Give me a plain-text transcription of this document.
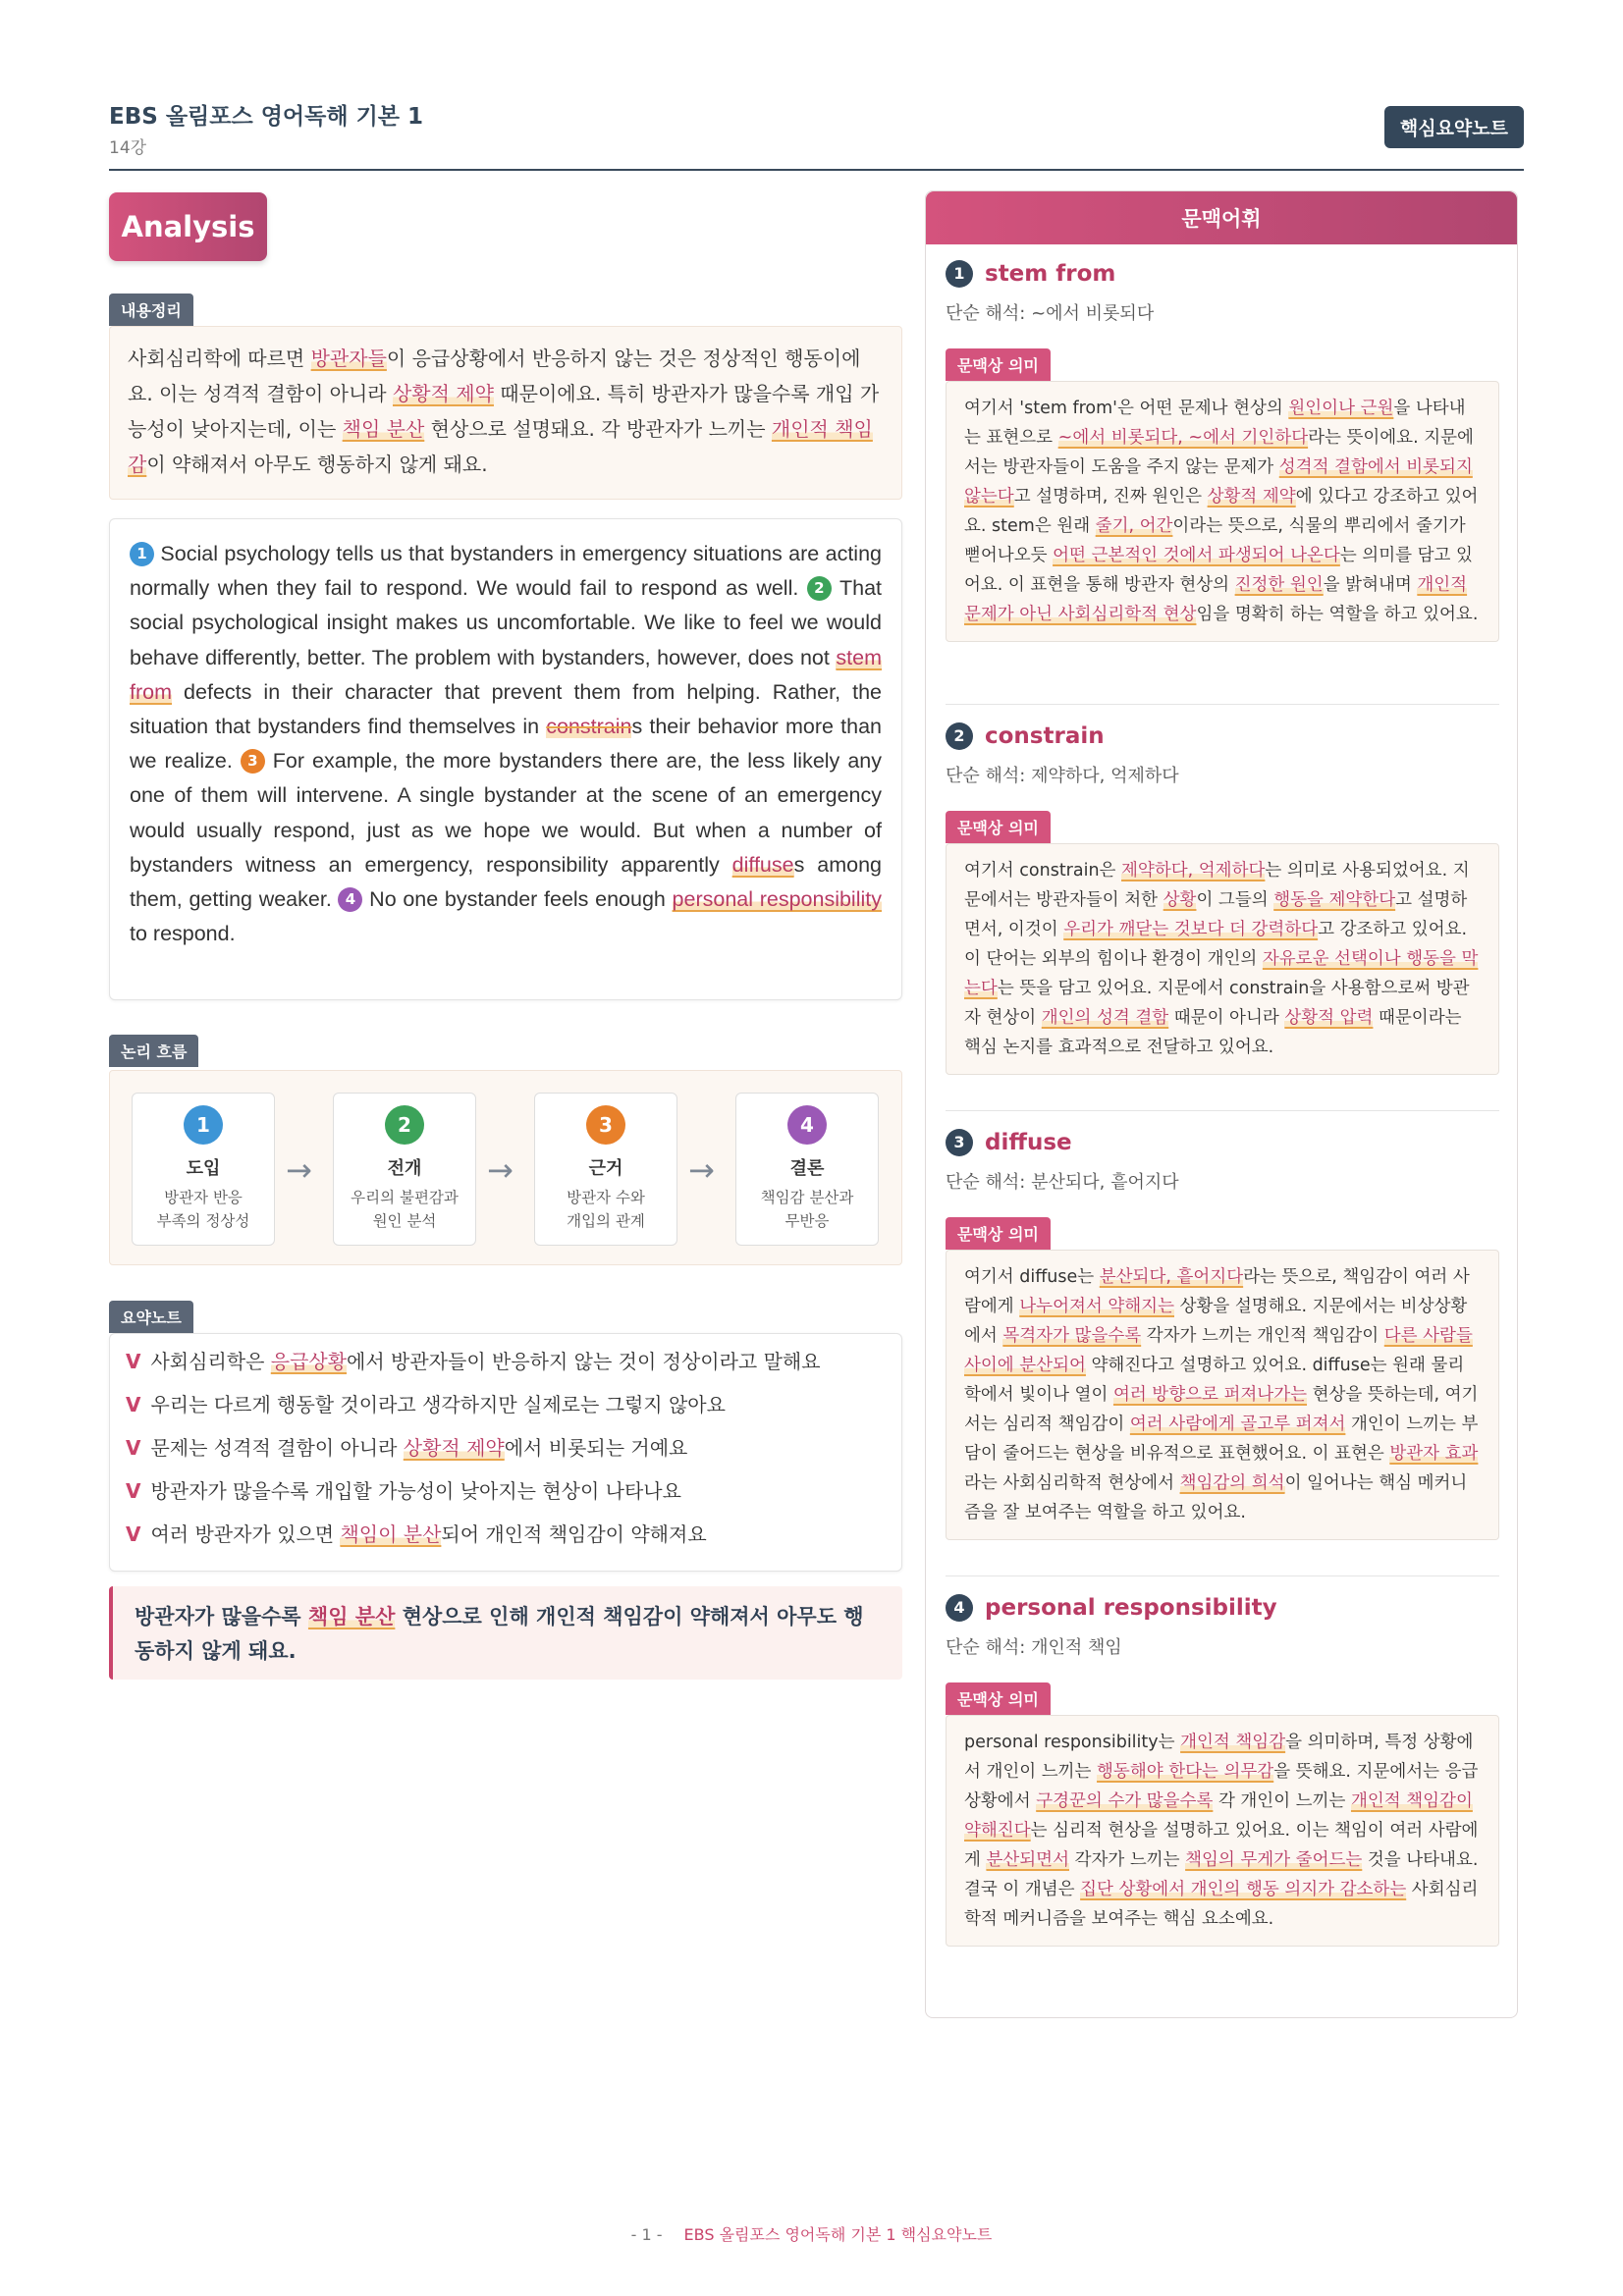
EBS 올림포스 영어독해 기본 1
14강
핵심요약노트
Analysis
내용정리
사회심리학에 따르면 방관자들이 응급상황에서 반응하지 않는 것은 정상적인 행동이에요. 이는 성격적 결함이 아니라 상황적 제약 때문이에요. 특히 방관자가 많을수록 개입 가능성이 낮아지는데, 이는 책임 분산 현상으로 설명돼요. 각 방관자가 느끼는 개인적 책임감이 약해져서 아무도 행동하지 않게 돼요.
1 Social psychology tells us that bystanders in emergency situations are acting normally when they fail to respond. We would fail to respond as well. 2 That social psychological insight makes us uncomfortable. We like to feel we would behave differently, better. The problem with bystanders, however, does not stem from defects in their character that prevent them from helping. Rather, the situation that bystanders find themselves in constrains their behavior more than we realize. 3 For example, the more bystanders there are, the less likely any one of them will intervene. A single bystander at the scene of an emergency would usually respond, just as we hope we would. But when a number of bystanders witness an emergency, responsibility apparently diffuses among them, getting weaker. 4 No one bystander feels enough personal responsibility to respond.
논리 흐름
1
도입
방관자 반응
부족의 정상성
→
2
전개
우리의 불편감과
원인 분석
→
3
근거
방관자 수와
개입의 관계
→
4
결론
책임감 분산과
무반응
요약노트
V 사회심리학은 응급상황에서 방관자들이 반응하지 않는 것이 정상이라고 말해요
V 우리는 다르게 행동할 것이라고 생각하지만 실제로는 그렇지 않아요
V 문제는 성격적 결함이 아니라 상황적 제약에서 비롯되는 거예요
V 방관자가 많을수록 개입할 가능성이 낮아지는 현상이 나타나요
V 여러 방관자가 있으면 책임이 분산되어 개인적 책임감이 약해져요
방관자가 많을수록 책임 분산 현상으로 인해 개인적 책임감이 약해져서 아무도 행동하지 않게 돼요.
문맥어휘
1 stem from
단순 해석: ~에서 비롯되다
문맥상 의미
여기서 'stem from'은 어떤 문제나 현상의 원인이나 근원을 나타내는 표현으로 ~에서 비롯되다, ~에서 기인하다라는 뜻이에요. 지문에서는 방관자들이 도움을 주지 않는 문제가 성격적 결함에서 비롯되지 않는다고 설명하며, 진짜 원인은 상황적 제약에 있다고 강조하고 있어요. stem은 원래 줄기, 어간이라는 뜻으로, 식물의 뿌리에서 줄기가 뻗어나오듯 어떤 근본적인 것에서 파생되어 나온다는 의미를 담고 있어요. 이 표현을 통해 방관자 현상의 진정한 원인을 밝혀내며 개인적 문제가 아닌 사회심리학적 현상임을 명확히 하는 역할을 하고 있어요.
2 constrain
단순 해석: 제약하다, 억제하다
문맥상 의미
여기서 constrain은 제약하다, 억제하다는 의미로 사용되었어요. 지문에서는 방관자들이 처한 상황이 그들의 행동을 제약한다고 설명하면서, 이것이 우리가 깨닫는 것보다 더 강력하다고 강조하고 있어요. 이 단어는 외부의 힘이나 환경이 개인의 자유로운 선택이나 행동을 막는다는 뜻을 담고 있어요. 지문에서 constrain을 사용함으로써 방관자 현상이 개인의 성격 결함 때문이 아니라 상황적 압력 때문이라는 핵심 논지를 효과적으로 전달하고 있어요.
3 diffuse
단순 해석: 분산되다, 흩어지다
문맥상 의미
여기서 diffuse는 분산되다, 흩어지다라는 뜻으로, 책임감이 여러 사람에게 나누어져서 약해지는 상황을 설명해요. 지문에서는 비상상황에서 목격자가 많을수록 각자가 느끼는 개인적 책임감이 다른 사람들 사이에 분산되어 약해진다고 설명하고 있어요. diffuse는 원래 물리학에서 빛이나 열이 여러 방향으로 퍼져나가는 현상을 뜻하는데, 여기서는 심리적 책임감이 여러 사람에게 골고루 퍼져서 개인이 느끼는 부담이 줄어드는 현상을 비유적으로 표현했어요. 이 표현은 방관자 효과라는 사회심리학적 현상에서 책임감의 희석이 일어나는 핵심 메커니즘을 잘 보여주는 역할을 하고 있어요.
4 personal responsibility
단순 해석: 개인적 책임
문맥상 의미
personal responsibility는 개인적 책임감을 의미하며, 특정 상황에서 개인이 느끼는 행동해야 한다는 의무감을 뜻해요. 지문에서는 응급상황에서 구경꾼의 수가 많을수록 각 개인이 느끼는 개인적 책임감이 약해진다는 심리적 현상을 설명하고 있어요. 이는 책임이 여러 사람에게 분산되면서 각자가 느끼는 책임의 무게가 줄어드는 것을 나타내요. 결국 이 개념은 집단 상황에서 개인의 행동 의지가 감소하는 사회심리학적 메커니즘을 보여주는 핵심 요소예요.
- 1 - EBS 올림포스 영어독해 기본 1 핵심요약노트
